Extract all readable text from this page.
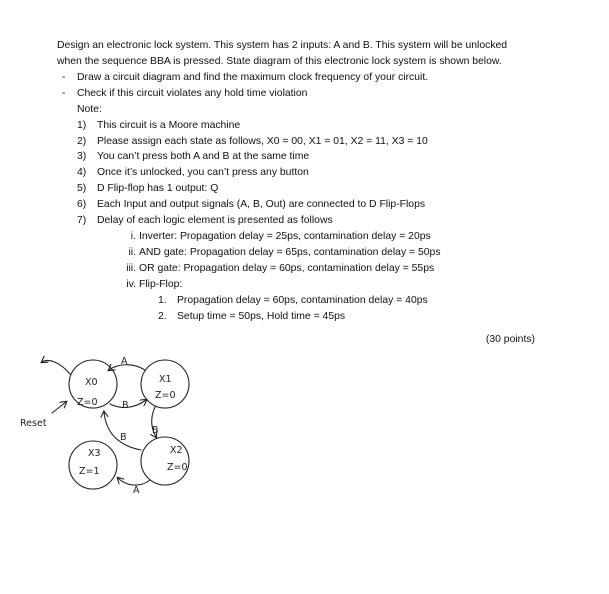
Design an electronic lock system. This system has 2 inputs: A and B. This system will be unlocked
when the sequence BBA is pressed. State diagram of this electronic lock system is shown below.
- Draw a circuit diagram and find the maximum clock frequency of your circuit.
- Check if this circuit violates any hold time violation
Note:
1) This circuit is a Moore machine
2) Please assign each state as follows, X0 = 00, X1 = 01, X2 = 11, X3 = 10
3) You can’t press both A and B at the same time
4) Once it’s unlocked, you can’t press any button
5) D Flip-flop has 1 output: Q
6) Each Input and output signals (A, B, Out) are connected to D Flip-Flops
7) Delay of each logic element is presented as follows
i. Inverter: Propagation delay = 25ps, contamination delay = 20ps
ii. AND gate: Propagation delay = 65ps, contamination delay = 50ps
iii. OR gate: Propagation delay = 60ps, contamination delay = 55ps
iv. Flip-Flop:
1. Propagation delay = 60ps, contamination delay = 40ps
2. Setup time = 50ps, Hold time = 45ps
(30 points)
Reset
X0
Z=0
X1
Z=0
X2
Z=0
X3
Z=1
A
B
B
B
A
